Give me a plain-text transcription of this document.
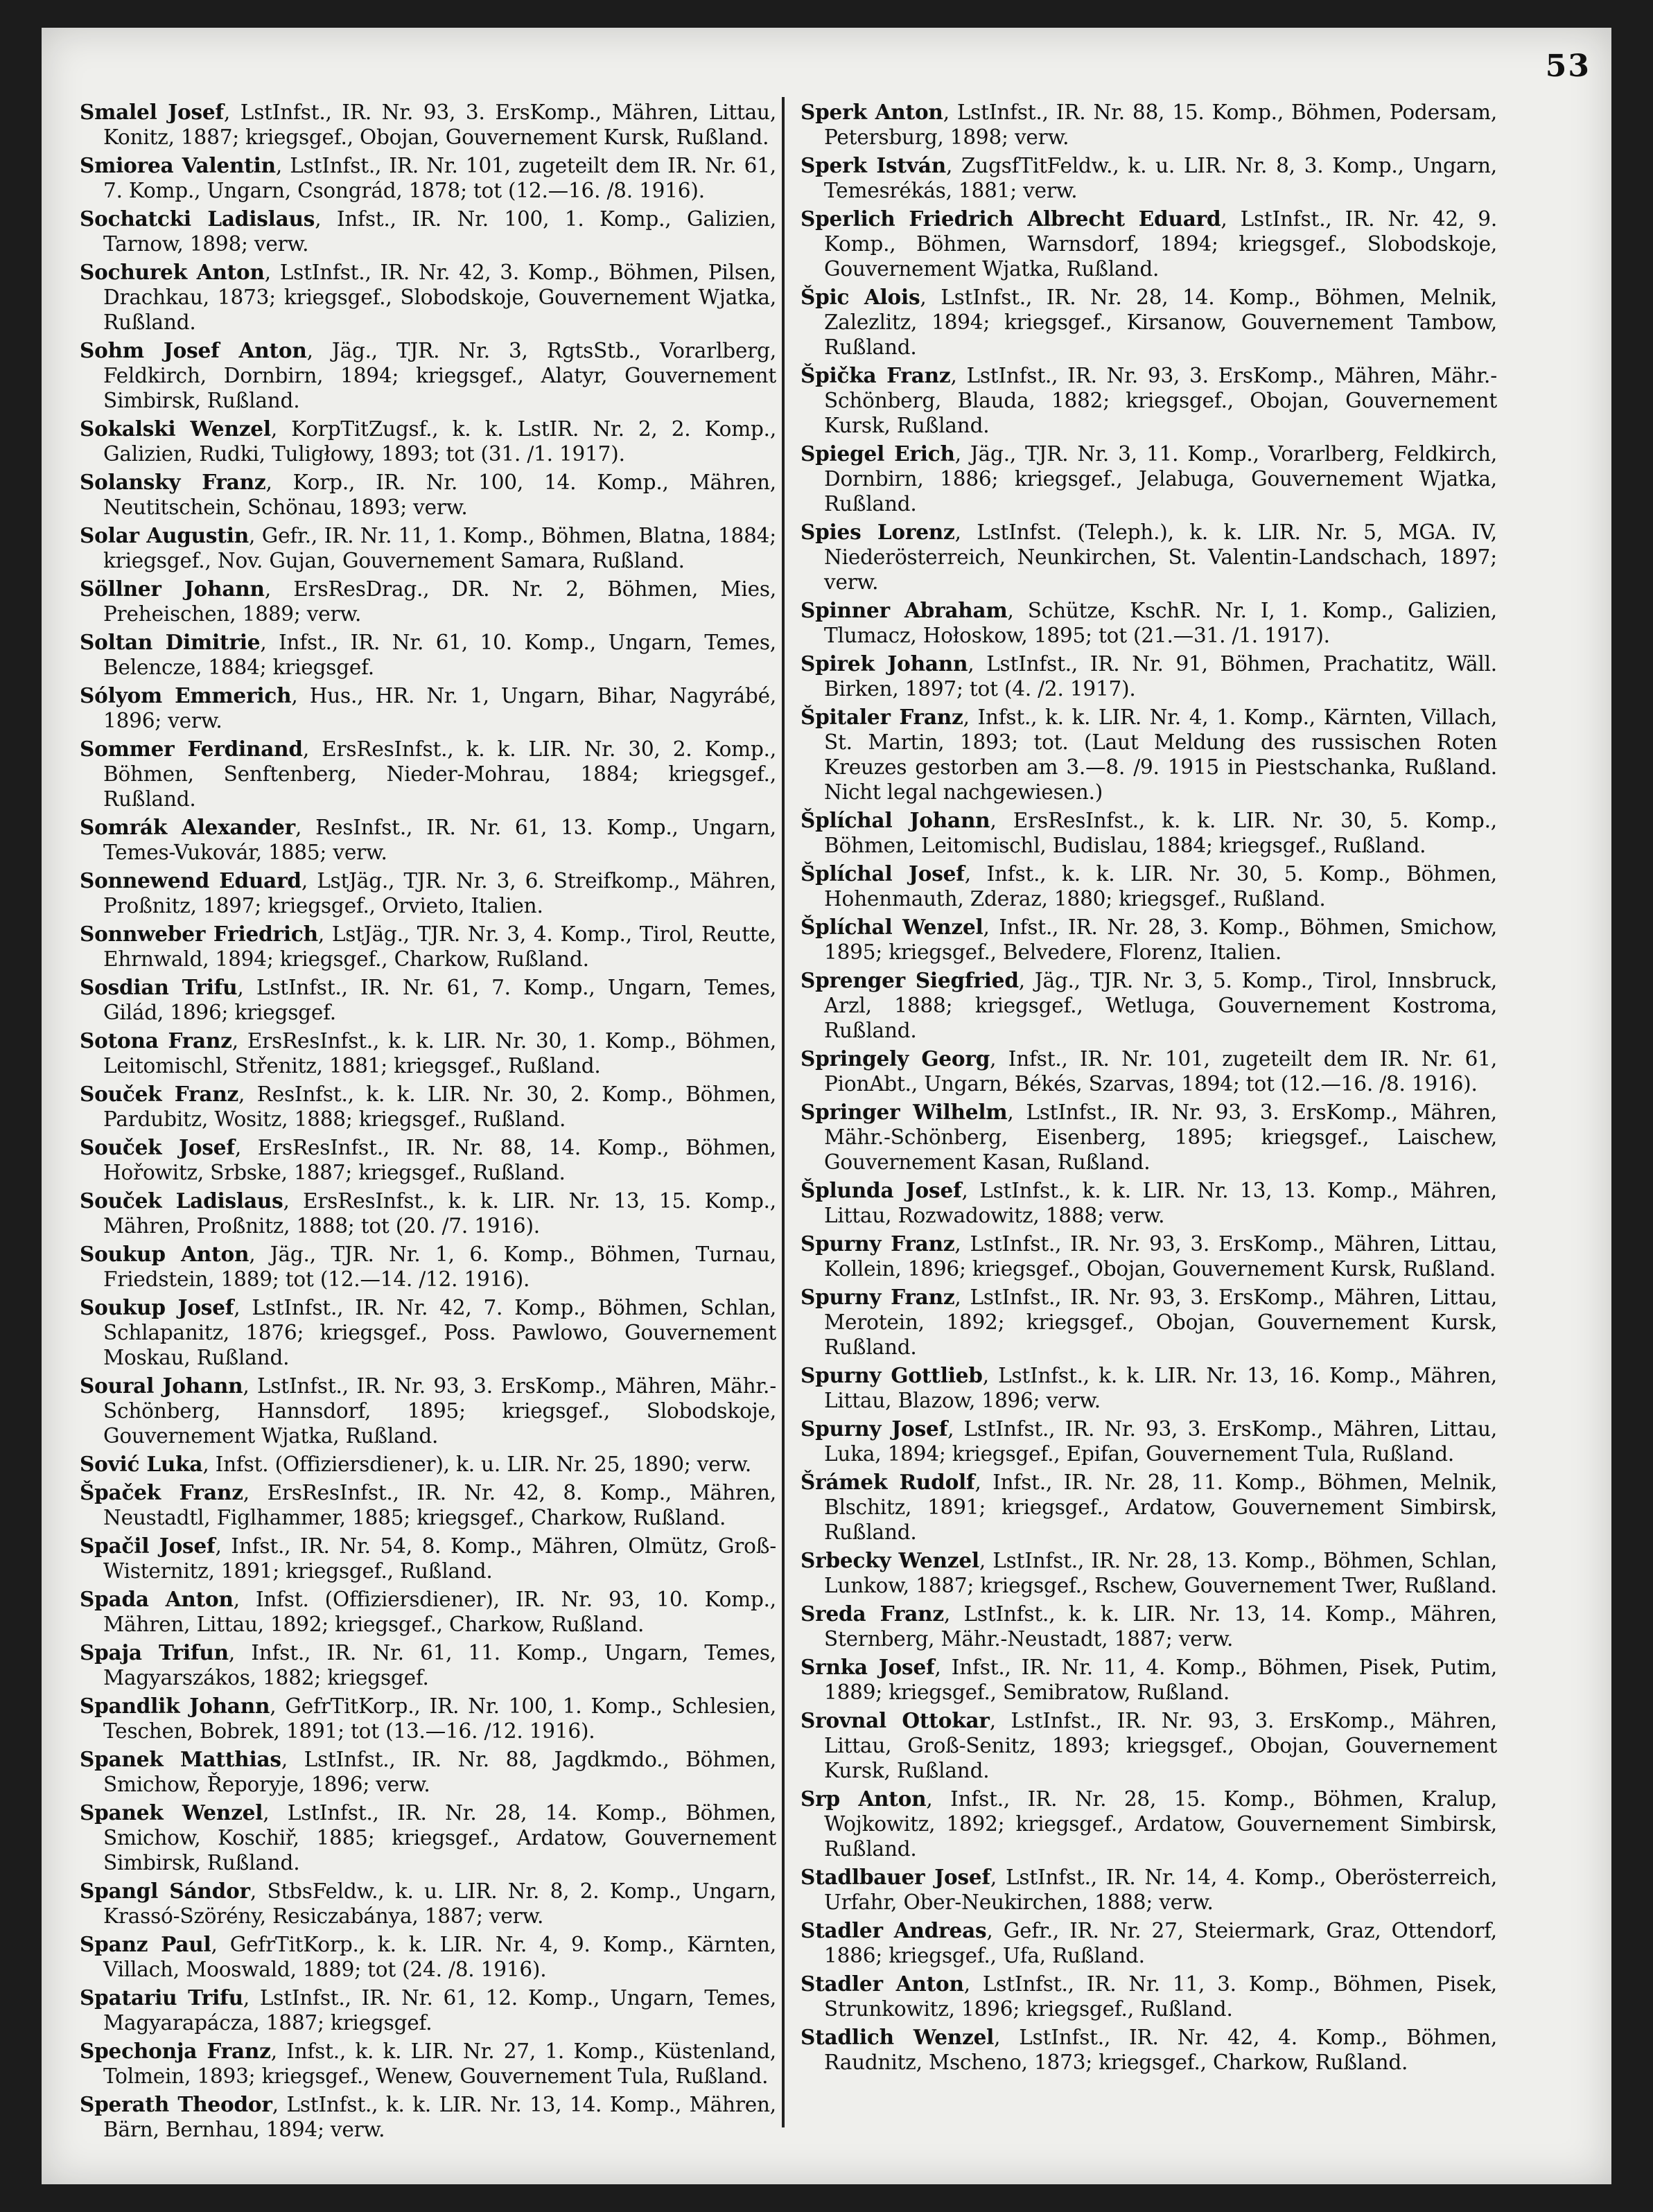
53

Smalel Josef, LstInfst., IR. Nr. 93, 3. ErsKomp., Mähren, Littau, Konitz, 1887; kriegsgef., Obojan, Gouvernement Kursk, Rußland.

Smiorea Valentin, LstInfst., IR. Nr. 101, zugeteilt dem IR. Nr. 61, 7. Komp., Ungarn, Csongrád, 1878; tot (12.—16. /8. 1916).

Sochatcki Ladislaus, Infst., IR. Nr. 100, 1. Komp., Galizien, Tarnow, 1898; verw.

Sochurek Anton, LstInfst., IR. Nr. 42, 3. Komp., Böhmen, Pilsen, Drachkau, 1873; kriegsgef., Slobodskoje, Gouvernement Wjatka, Rußland.

Sohm Josef Anton, Jäg., TJR. Nr. 3, RgtsStb., Vorarlberg, Feldkirch, Dornbirn, 1894; kriegsgef., Alatyr, Gouvernement Simbirsk, Rußland.

Sokalski Wenzel, KorpTitZugsf., k. k. LstIR. Nr. 2, 2. Komp., Galizien, Rudki, Tuligłowy, 1893; tot (31. /1. 1917).

Solansky Franz, Korp., IR. Nr. 100, 14. Komp., Mähren, Neutitschein, Schönau, 1893; verw.

Solar Augustin, Gefr., IR. Nr. 11, 1. Komp., Böhmen, Blatna, 1884; kriegsgef., Nov. Gujan, Gouvernement Samara, Rußland.

Söllner Johann, ErsResDrag., DR. Nr. 2, Böhmen, Mies, Preheischen, 1889; verw.

Soltan Dimitrie, Infst., IR. Nr. 61, 10. Komp., Ungarn, Temes, Belencze, 1884; kriegsgef.

Sólyom Emmerich, Hus., HR. Nr. 1, Ungarn, Bihar, Nagyrábé, 1896; verw.

Sommer Ferdinand, ErsResInfst., k. k. LIR. Nr. 30, 2. Komp., Böhmen, Senftenberg, Nieder-Mohrau, 1884; kriegsgef., Rußland.

Somrák Alexander, ResInfst., IR. Nr. 61, 13. Komp., Ungarn, Temes-Vukovár, 1885; verw.

Sonnewend Eduard, LstJäg., TJR. Nr. 3, 6. Streifkomp., Mähren, Proßnitz, 1897; kriegsgef., Orvieto, Italien.

Sonnweber Friedrich, LstJäg., TJR. Nr. 3, 4. Komp., Tirol, Reutte, Ehrnwald, 1894; kriegsgef., Charkow, Rußland.

Sosdian Trifu, LstInfst., IR. Nr. 61, 7. Komp., Ungarn, Temes, Gilád, 1896; kriegsgef.

Sotona Franz, ErsResInfst., k. k. LIR. Nr. 30, 1. Komp., Böhmen, Leitomischl, Střenitz, 1881; kriegsgef., Rußland.

Souček Franz, ResInfst., k. k. LIR. Nr. 30, 2. Komp., Böhmen, Pardubitz, Wositz, 1888; kriegsgef., Rußland.

Souček Josef, ErsResInfst., IR. Nr. 88, 14. Komp., Böhmen, Hořowitz, Srbske, 1887; kriegsgef., Rußland.

Souček Ladislaus, ErsResInfst., k. k. LIR. Nr. 13, 15. Komp., Mähren, Proßnitz, 1888; tot (20. /7. 1916).

Soukup Anton, Jäg., TJR. Nr. 1, 6. Komp., Böhmen, Turnau, Friedstein, 1889; tot (12.—14. /12. 1916).

Soukup Josef, LstInfst., IR. Nr. 42, 7. Komp., Böhmen, Schlan, Schlapanitz, 1876; kriegsgef., Poss. Pawlowo, Gouvernement Moskau, Rußland.

Soural Johann, LstInfst., IR. Nr. 93, 3. ErsKomp., Mähren, Mähr.-Schönberg, Hannsdorf, 1895; kriegsgef., Slobodskoje, Gouvernement Wjatka, Rußland.

Sović Luka, Infst. (Offiziersdiener), k. u. LIR. Nr. 25, 1890; verw.

Špaček Franz, ErsResInfst., IR. Nr. 42, 8. Komp., Mähren, Neustadtl, Figlhammer, 1885; kriegsgef., Charkow, Rußland.

Spačil Josef, Infst., IR. Nr. 54, 8. Komp., Mähren, Olmütz, Groß-Wisternitz, 1891; kriegsgef., Rußland.

Spada Anton, Infst. (Offiziersdiener), IR. Nr. 93, 10. Komp., Mähren, Littau, 1892; kriegsgef., Charkow, Rußland.

Spaja Trifun, Infst., IR. Nr. 61, 11. Komp., Ungarn, Temes, Magyarszákos, 1882; kriegsgef.

Spandlik Johann, GefrTitKorp., IR. Nr. 100, 1. Komp., Schlesien, Teschen, Bobrek, 1891; tot (13.—16. /12. 1916).

Spanek Matthias, LstInfst., IR. Nr. 88, Jagdkmdo., Böhmen, Smichow, Řeporyje, 1896; verw.

Spanek Wenzel, LstInfst., IR. Nr. 28, 14. Komp., Böhmen, Smichow, Koschiř, 1885; kriegsgef., Ardatow, Gouvernement Simbirsk, Rußland.

Spangl Sándor, StbsFeldw., k. u. LIR. Nr. 8, 2. Komp., Ungarn, Krassó-Szörény, Resiczabánya, 1887; verw.

Spanz Paul, GefrTitKorp., k. k. LIR. Nr. 4, 9. Komp., Kärnten, Villach, Mooswald, 1889; tot (24. /8. 1916).

Spatariu Trifu, LstInfst., IR. Nr. 61, 12. Komp., Ungarn, Temes, Magyarapácza, 1887; kriegsgef.

Spechonja Franz, Infst., k. k. LIR. Nr. 27, 1. Komp., Küstenland, Tolmein, 1893; kriegsgef., Wenew, Gouvernement Tula, Rußland.

Sperath Theodor, LstInfst., k. k. LIR. Nr. 13, 14. Komp., Mähren, Bärn, Bernhau, 1894; verw.

Sperk Anton, LstInfst., IR. Nr. 88, 15. Komp., Böhmen, Podersam, Petersburg, 1898; verw.

Sperk István, ZugsfTitFeldw., k. u. LIR. Nr. 8, 3. Komp., Ungarn, Temesrékás, 1881; verw.

Sperlich Friedrich Albrecht Eduard, LstInfst., IR. Nr. 42, 9. Komp., Böhmen, Warnsdorf, 1894; kriegsgef., Slobodskoje, Gouvernement Wjatka, Rußland.

Špic Alois, LstInfst., IR. Nr. 28, 14. Komp., Böhmen, Melnik, Zalezlitz, 1894; kriegsgef., Kirsanow, Gouvernement Tambow, Rußland.

Špička Franz, LstInfst., IR. Nr. 93, 3. ErsKomp., Mähren, Mähr.-Schönberg, Blauda, 1882; kriegsgef., Obojan, Gouvernement Kursk, Rußland.

Spiegel Erich, Jäg., TJR. Nr. 3, 11. Komp., Vorarlberg, Feldkirch, Dornbirn, 1886; kriegsgef., Jelabuga, Gouvernement Wjatka, Rußland.

Spies Lorenz, LstInfst. (Teleph.), k. k. LIR. Nr. 5, MGA. IV, Niederösterreich, Neunkirchen, St. Valentin-Landschach, 1897; verw.

Spinner Abraham, Schütze, KschR. Nr. I, 1. Komp., Galizien, Tlumacz, Hołoskow, 1895; tot (21.—31. /1. 1917).

Spirek Johann, LstInfst., IR. Nr. 91, Böhmen, Prachatitz, Wäll. Birken, 1897; tot (4. /2. 1917).

Špitaler Franz, Infst., k. k. LIR. Nr. 4, 1. Komp., Kärnten, Villach, St. Martin, 1893; tot. (Laut Meldung des russischen Roten Kreuzes gestorben am 3.—8. /9. 1915 in Piestschanka, Rußland. Nicht legal nachgewiesen.)

Šplíchal Johann, ErsResInfst., k. k. LIR. Nr. 30, 5. Komp., Böhmen, Leitomischl, Budislau, 1884; kriegsgef., Rußland.

Šplíchal Josef, Infst., k. k. LIR. Nr. 30, 5. Komp., Böhmen, Hohenmauth, Zderaz, 1880; kriegsgef., Rußland.

Šplíchal Wenzel, Infst., IR. Nr. 28, 3. Komp., Böhmen, Smichow, 1895; kriegsgef., Belvedere, Florenz, Italien.

Sprenger Siegfried, Jäg., TJR. Nr. 3, 5. Komp., Tirol, Innsbruck, Arzl, 1888; kriegsgef., Wetluga, Gouvernement Kostroma, Rußland.

Springely Georg, Infst., IR. Nr. 101, zugeteilt dem IR. Nr. 61, PionAbt., Ungarn, Békés, Szarvas, 1894; tot (12.—16. /8. 1916).

Springer Wilhelm, LstInfst., IR. Nr. 93, 3. ErsKomp., Mähren, Mähr.-Schönberg, Eisenberg, 1895; kriegsgef., Laischew, Gouvernement Kasan, Rußland.

Šplunda Josef, LstInfst., k. k. LIR. Nr. 13, 13. Komp., Mähren, Littau, Rozwadowitz, 1888; verw.

Spurny Franz, LstInfst., IR. Nr. 93, 3. ErsKomp., Mähren, Littau, Kollein, 1896; kriegsgef., Obojan, Gouvernement Kursk, Rußland.

Spurny Franz, LstInfst., IR. Nr. 93, 3. ErsKomp., Mähren, Littau, Merotein, 1892; kriegsgef., Obojan, Gouvernement Kursk, Rußland.

Spurny Gottlieb, LstInfst., k. k. LIR. Nr. 13, 16. Komp., Mähren, Littau, Blazow, 1896; verw.

Spurny Josef, LstInfst., IR. Nr. 93, 3. ErsKomp., Mähren, Littau, Luka, 1894; kriegsgef., Epifan, Gouvernement Tula, Rußland.

Šrámek Rudolf, Infst., IR. Nr. 28, 11. Komp., Böhmen, Melnik, Blschitz, 1891; kriegsgef., Ardatow, Gouvernement Simbirsk, Rußland.

Srbecky Wenzel, LstInfst., IR. Nr. 28, 13. Komp., Böhmen, Schlan, Lunkow, 1887; kriegsgef., Rschew, Gouvernement Twer, Rußland.

Sreda Franz, LstInfst., k. k. LIR. Nr. 13, 14. Komp., Mähren, Sternberg, Mähr.-Neustadt, 1887; verw.

Srnka Josef, Infst., IR. Nr. 11, 4. Komp., Böhmen, Pisek, Putim, 1889; kriegsgef., Semibratow, Rußland.

Srovnal Ottokar, LstInfst., IR. Nr. 93, 3. ErsKomp., Mähren, Littau, Groß-Senitz, 1893; kriegsgef., Obojan, Gouvernement Kursk, Rußland.

Srp Anton, Infst., IR. Nr. 28, 15. Komp., Böhmen, Kralup, Wojkowitz, 1892; kriegsgef., Ardatow, Gouvernement Simbirsk, Rußland.

Stadlbauer Josef, LstInfst., IR. Nr. 14, 4. Komp., Oberösterreich, Urfahr, Ober-Neukirchen, 1888; verw.

Stadler Andreas, Gefr., IR. Nr. 27, Steiermark, Graz, Ottendorf, 1886; kriegsgef., Ufa, Rußland.

Stadler Anton, LstInfst., IR. Nr. 11, 3. Komp., Böhmen, Pisek, Strunkowitz, 1896; kriegsgef., Rußland.

Stadlich Wenzel, LstInfst., IR. Nr. 42, 4. Komp., Böhmen, Raudnitz, Mscheno, 1873; kriegsgef., Charkow, Rußland.
